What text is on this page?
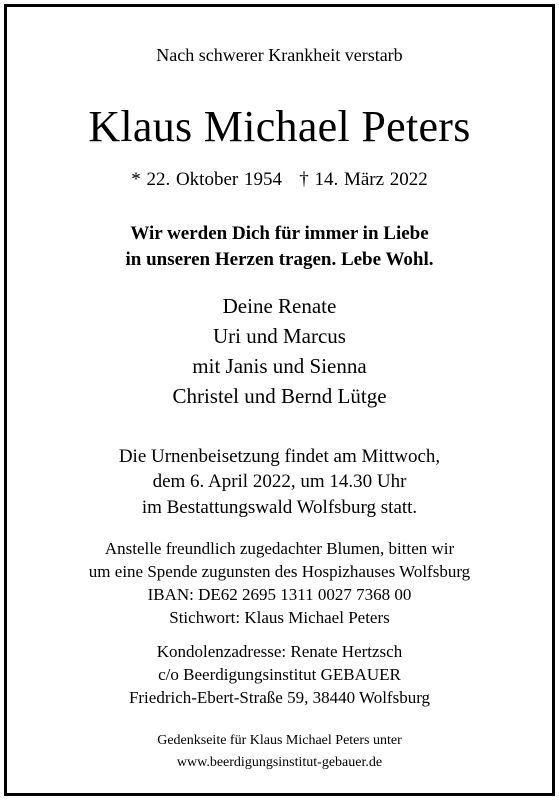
Nach schwerer Krankheit verstarb
Klaus Michael Peters
* 22. Oktober 1954   † 14. März 2022
Wir werden Dich für immer in Liebe
in unseren Herzen tragen. Lebe Wohl.
Deine Renate
Uri und Marcus
mit Janis und Sienna
Christel und Bernd Lütge
Die Urnenbeisetzung findet am Mittwoch,
dem 6. April 2022, um 14.30 Uhr
im Bestattungswald Wolfsburg statt.
Anstelle freundlich zugedachter Blumen, bitten wir
um eine Spende zugunsten des Hospizhauses Wolfsburg
IBAN: DE62 2695 1311 0027 7368 00
Stichwort: Klaus Michael Peters
Kondolenzadresse: Renate Hertzsch
c/o Beerdigungsinstitut GEBAUER
Friedrich-Ebert-Straße 59, 38440 Wolfsburg
Gedenkseite für Klaus Michael Peters unter
www.beerdigungsinstitut-gebauer.de
